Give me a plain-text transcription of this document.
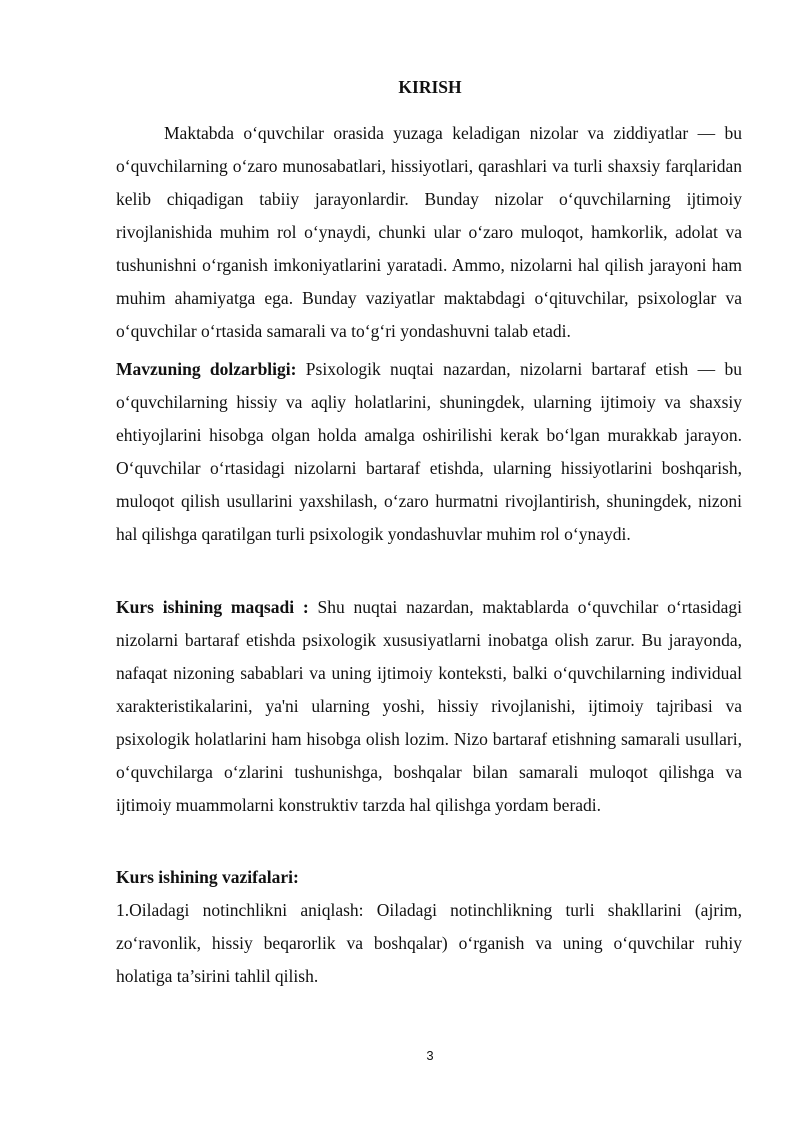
KIRISH

Maktabda o‘quvchilar orasida yuzaga keladigan nizolar va ziddiyatlar — bu o‘quvchilarning o‘zaro munosabatlari, hissiyotlari, qarashlari va turli shaxsiy farqlaridan kelib chiqadigan tabiiy jarayonlardir. Bunday nizolar o‘quvchilarning ijtimoiy rivojlanishida muhim rol o‘ynaydi, chunki ular o‘zaro muloqot, hamkorlik, adolat va tushunishni o‘rganish imkoniyatlarini yaratadi. Ammo, nizolarni hal qilish jarayoni ham muhim ahamiyatga ega. Bunday vaziyatlar maktabdagi o‘qituvchilar, psixologlar va o‘quvchilar o‘rtasida samarali va to‘g‘ri yondashuvni talab etadi.

Mavzuning dolzarbligi: Psixologik nuqtai nazardan, nizolarni bartaraf etish — bu o‘quvchilarning hissiy va aqliy holatlarini, shuningdek, ularning ijtimoiy va shaxsiy ehtiyojlarini hisobga olgan holda amalga oshirilishi kerak bo‘lgan murakkab jarayon. O‘quvchilar o‘rtasidagi nizolarni bartaraf etishda, ularning hissiyotlarini boshqarish, muloqot qilish usullarini yaxshilash, o‘zaro hurmatni rivojlantirish, shuningdek, nizoni hal qilishga qaratilgan turli psixologik yondashuvlar muhim rol o‘ynaydi.

Kurs ishining maqsadi : Shu nuqtai nazardan, maktablarda o‘quvchilar o‘rtasidagi nizolarni bartaraf etishda psixologik xususiyatlarni inobatga olish zarur. Bu jarayonda, nafaqat nizoning sabablari va uning ijtimoiy konteksti, balki o‘quvchilarning individual xarakteristikalarini, ya'ni ularning yoshi, hissiy rivojlanishi, ijtimoiy tajribasi va psixologik holatlarini ham hisobga olish lozim. Nizo bartaraf etishning samarali usullari, o‘quvchilarga o‘zlarini tushunishga, boshqalar bilan samarali muloqot qilishga va ijtimoiy muammolarni konstruktiv tarzda hal qilishga yordam beradi.

Kurs ishining vazifalari:

1.Oiladagi notinchlikni aniqlash: Oiladagi notinchlikning turli shakllarini (ajrim, zo‘ravonlik, hissiy beqarorlik va boshqalar) o‘rganish va uning o‘quvchilar ruhiy holatiga ta’sirini tahlil qilish.

3
